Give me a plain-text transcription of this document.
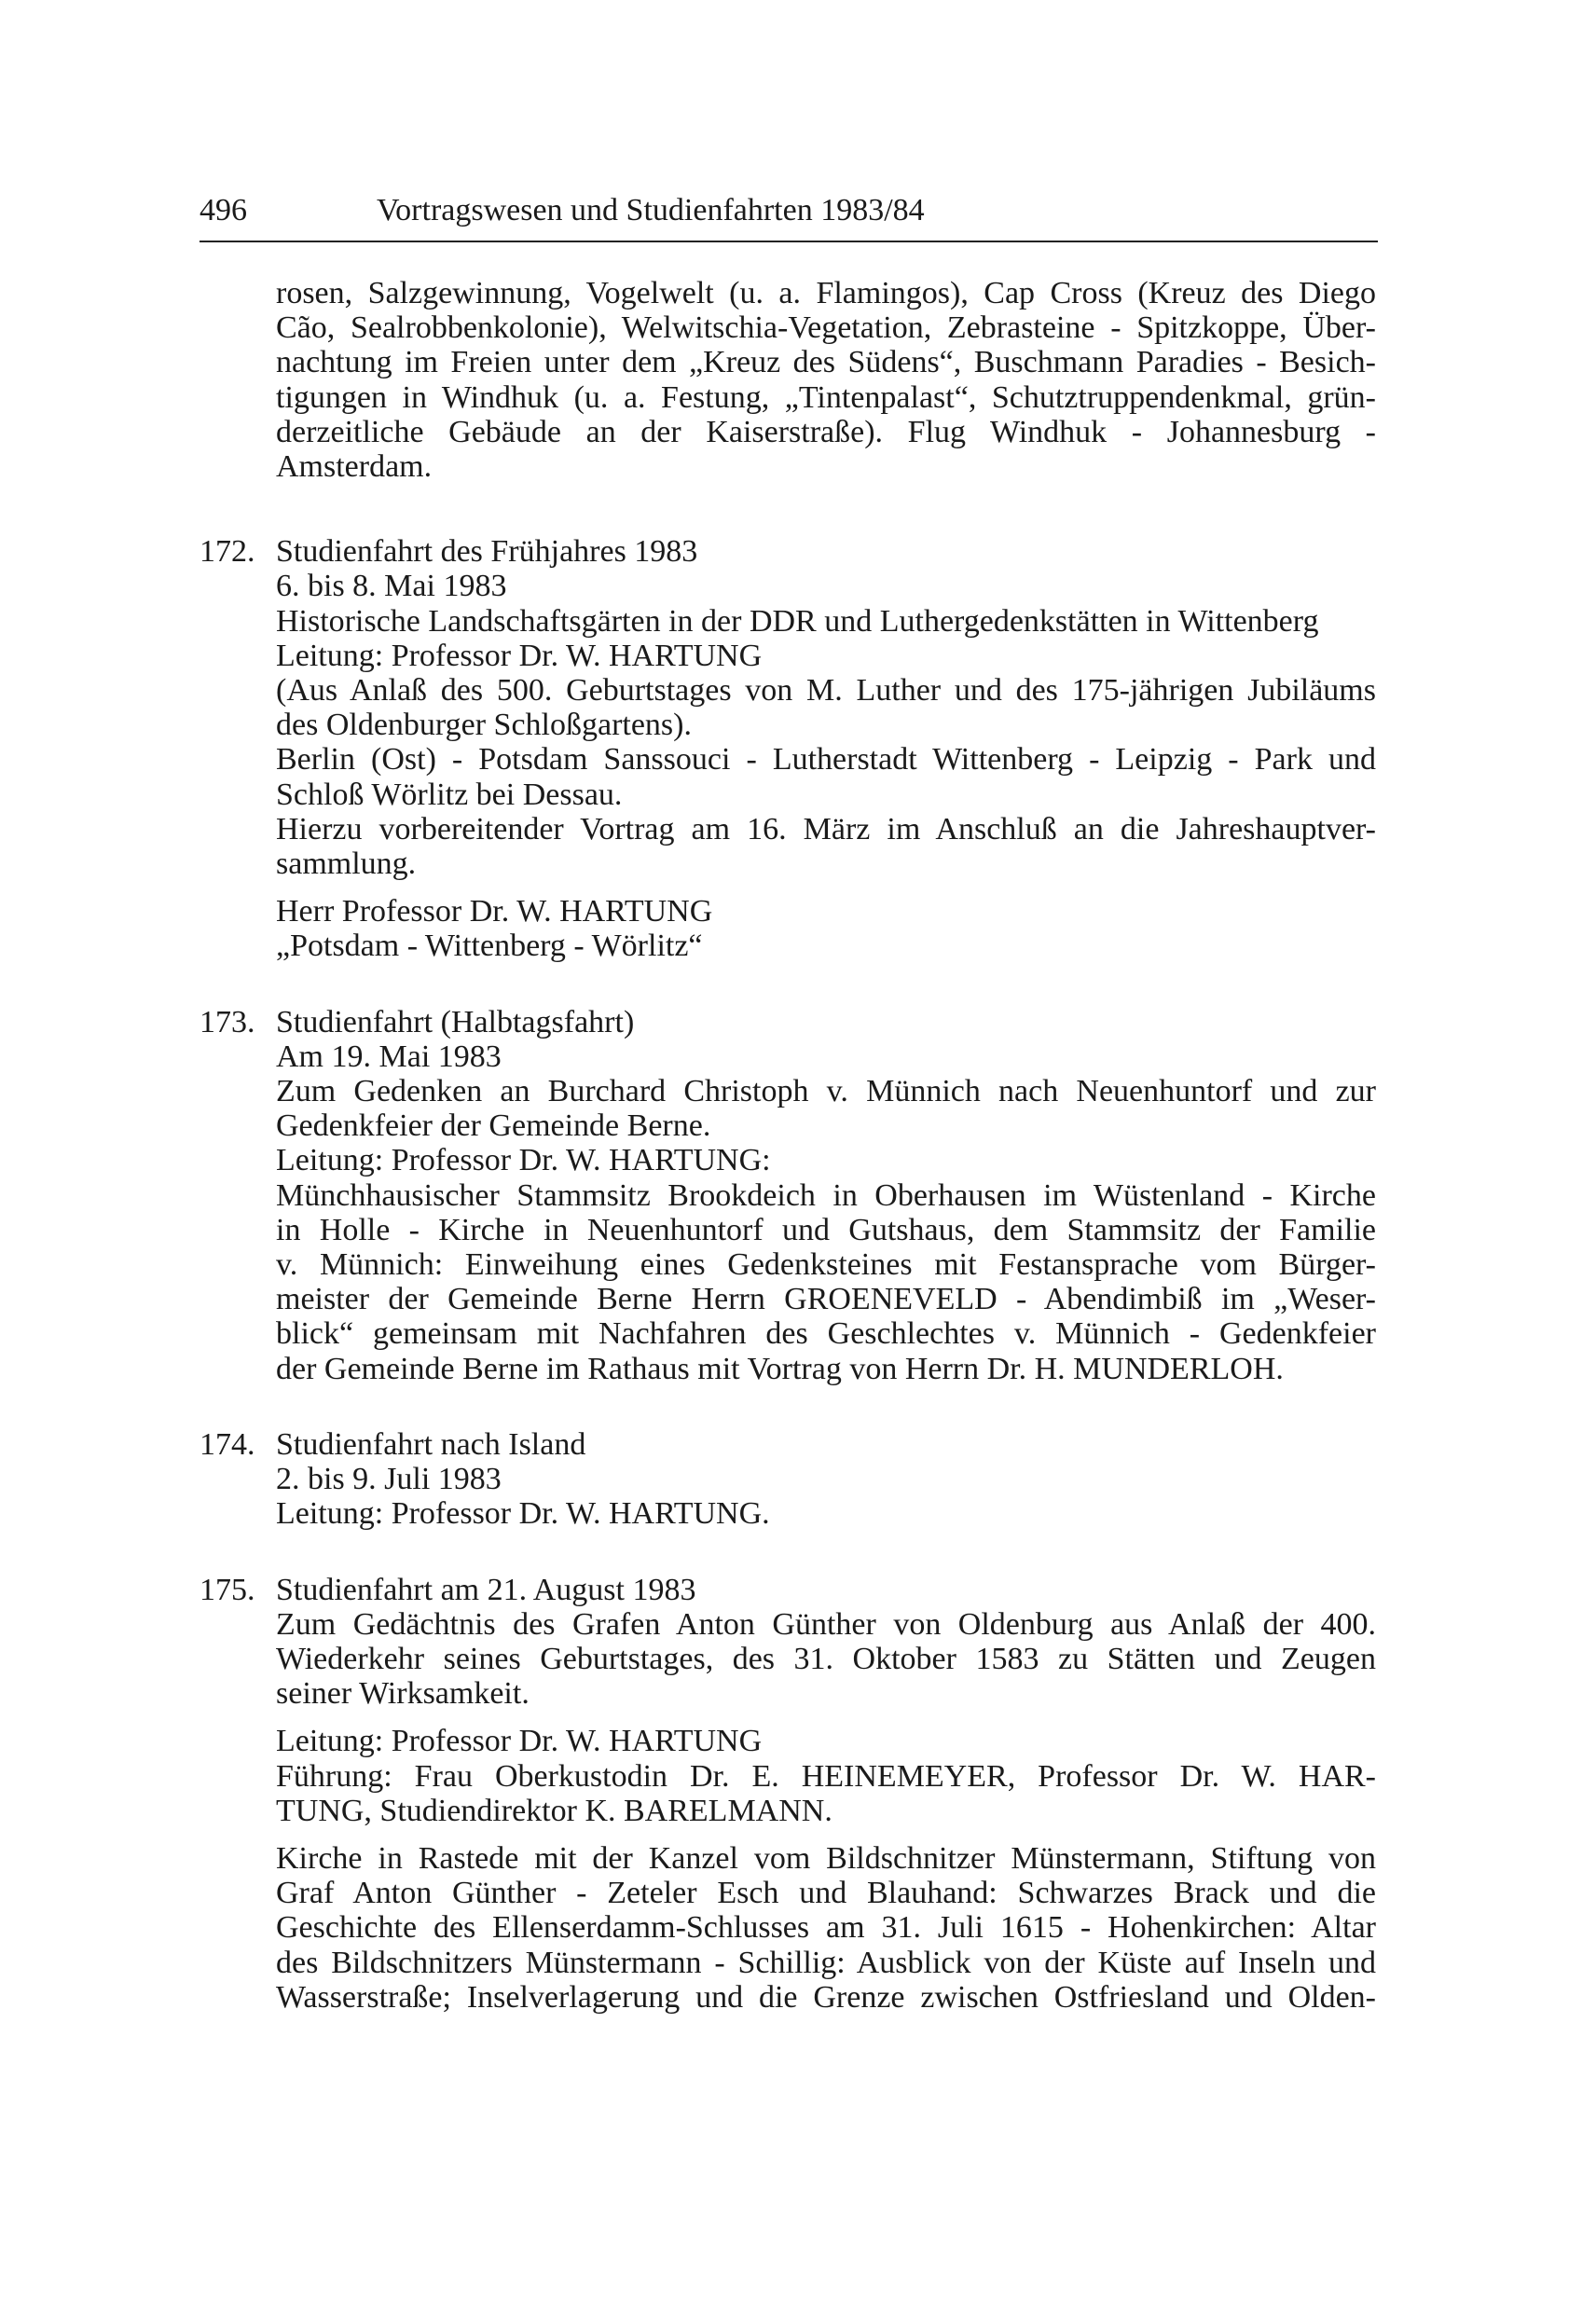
496	Vortragswesen und Studienfahrten 1983/84

rosen, Salzgewinnung, Vogelwelt (u. a. Flamingos), Cap Cross (Kreuz des Diego

Cão, Sealrobbenkolonie), Welwitschia-Vegetation, Zebrasteine - Spitzkoppe, Über-

nachtung im Freien unter dem „Kreuz des Südens“, Buschmann Paradies - Besich-

tigungen in Windhuk (u. a. Festung, „Tintenpalast“, Schutztruppendenkmal, grün-

derzeitliche Gebäude an der Kaiserstraße). Flug Windhuk - Johannesburg -

Amsterdam.

172. Studienfahrt des Frühjahres 1983

6. bis 8. Mai 1983

Historische Landschaftsgärten in der DDR und Luthergedenkstätten in Wittenberg

Leitung: Professor Dr. W. HARTUNG

(Aus Anlaß des 500. Geburtstages von M. Luther und des 175-jährigen Jubiläums

des Oldenburger Schloßgartens).

Berlin (Ost) - Potsdam Sanssouci - Lutherstadt Wittenberg - Leipzig - Park und

Schloß Wörlitz bei Dessau.

Hierzu vorbereitender Vortrag am 16. März im Anschluß an die Jahreshauptver-

sammlung.

Herr Professor Dr. W. HARTUNG

„Potsdam - Wittenberg - Wörlitz“

173. Studienfahrt (Halbtagsfahrt)

Am 19. Mai 1983

Zum Gedenken an Burchard Christoph v. Münnich nach Neuenhuntorf und zur

Gedenkfeier der Gemeinde Berne.

Leitung: Professor Dr. W. HARTUNG:

Münchhausischer Stammsitz Brookdeich in Oberhausen im Wüstenland - Kirche

in Holle - Kirche in Neuenhuntorf und Gutshaus, dem Stammsitz der Familie

v. Münnich: Einweihung eines Gedenksteines mit Festansprache vom Bürger-

meister der Gemeinde Berne Herrn GROENEVELD - Abendimbiß im „Weser-

blick“ gemeinsam mit Nachfahren des Geschlechtes v. Münnich - Gedenkfeier

der Gemeinde Berne im Rathaus mit Vortrag von Herrn Dr. H. MUNDERLOH.

174. Studienfahrt nach Island

2. bis 9. Juli 1983

Leitung: Professor Dr. W. HARTUNG.

175. Studienfahrt am 21. August 1983

Zum Gedächtnis des Grafen Anton Günther von Oldenburg aus Anlaß der 400.

Wiederkehr seines Geburtstages, des 31. Oktober 1583 zu Stätten und Zeugen

seiner Wirksamkeit.

Leitung: Professor Dr. W. HARTUNG

Führung: Frau Oberkustodin Dr. E. HEINEMEYER, Professor Dr. W. HAR-

TUNG, Studiendirektor K. BARELMANN.

Kirche in Rastede mit der Kanzel vom Bildschnitzer Münstermann, Stiftung von

Graf Anton Günther - Zeteler Esch und Blauhand: Schwarzes Brack und die

Geschichte des Ellenserdamm-Schlusses am 31. Juli 1615 - Hohenkirchen: Altar

des Bildschnitzers Münstermann - Schillig: Ausblick von der Küste auf Inseln und

Wasserstraße; Inselverlagerung und die Grenze zwischen Ostfriesland und Olden-
